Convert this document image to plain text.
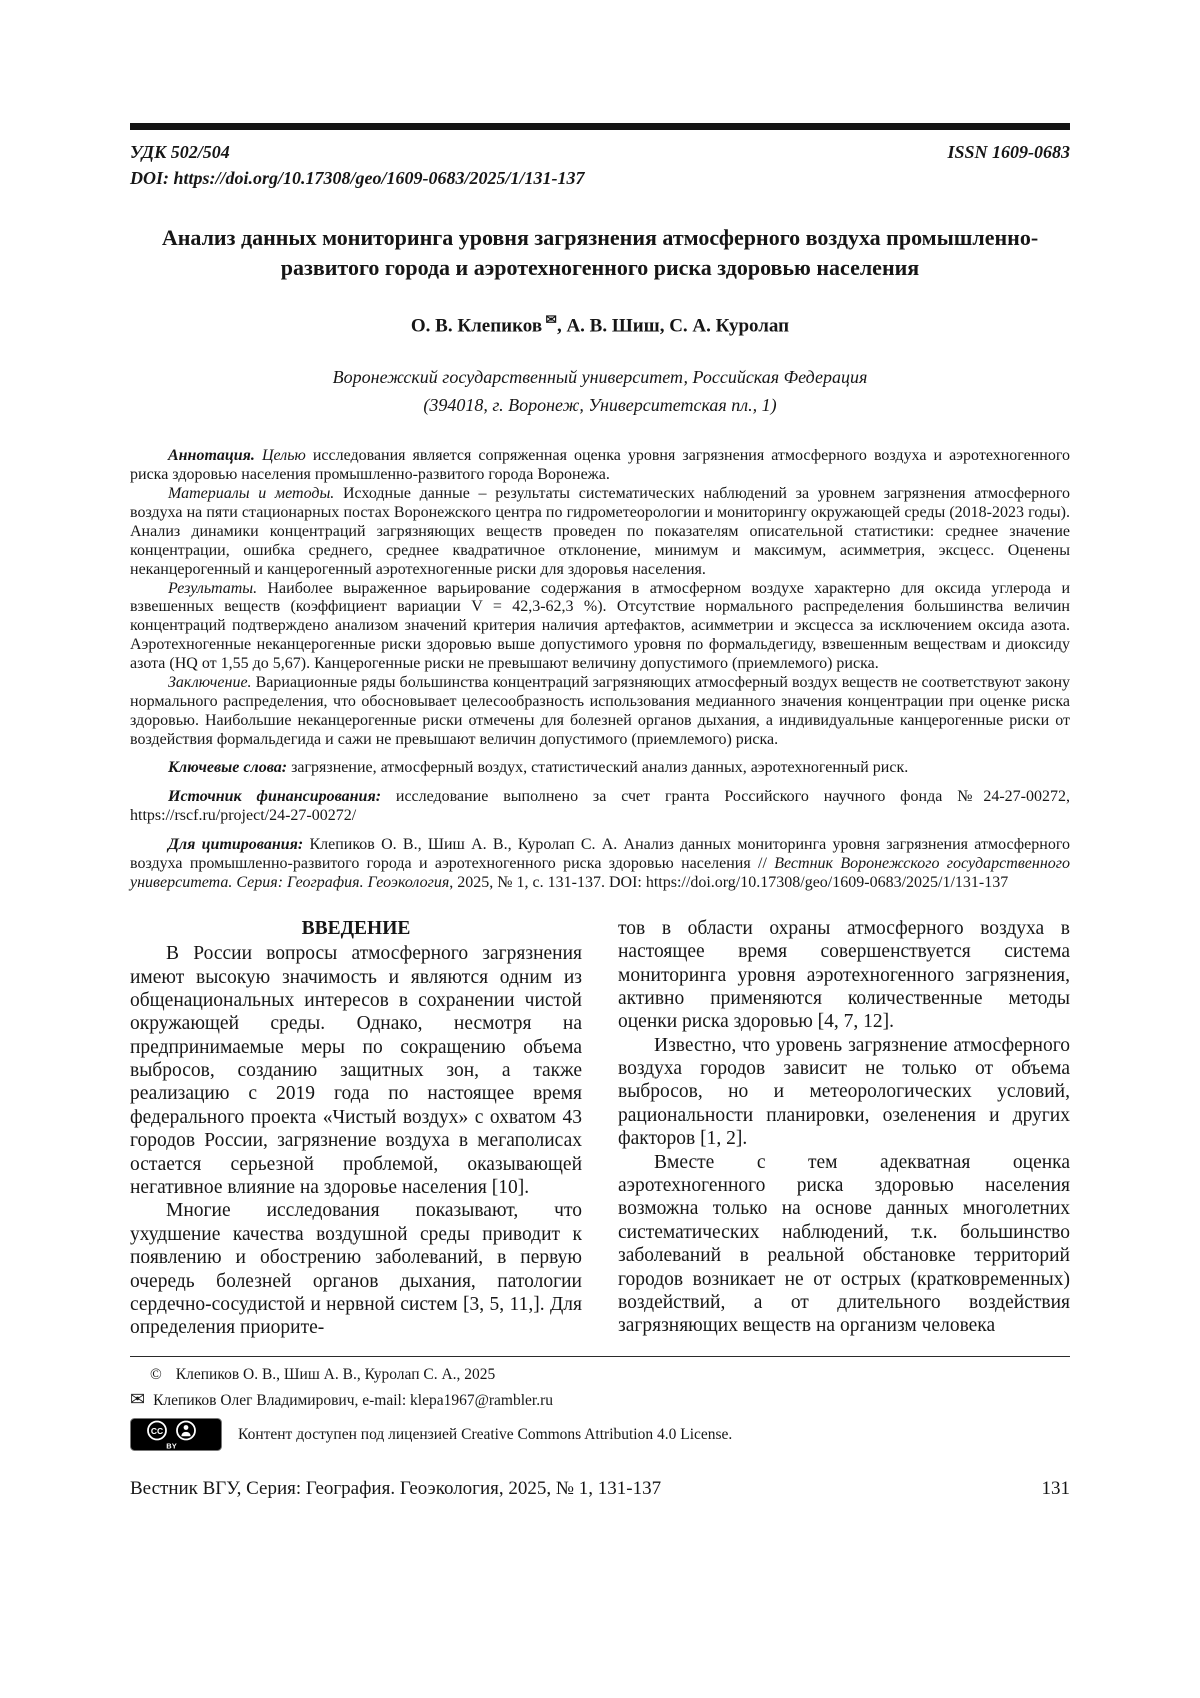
УДК 502/504	ISSN 1609-0683
DOI: https://doi.org/10.17308/geo/1609-0683/2025/1/131-137
Анализ данных мониторинга уровня загрязнения атмосферного воздуха промышленно-развитого города и аэротехногенного риска здоровью населения
О. В. Клепиков ✉, А. В. Шиш, С. А. Куролап
Воронежский государственный университет, Российская Федерация
(394018, г. Воронеж, Университетская пл., 1)

Аннотация. Целью исследования является сопряженная оценка уровня загрязнения атмосферного воздуха и аэротехногенного риска здоровью населения промышленно-развитого города Воронежа.

Материалы и методы. Исходные данные – результаты систематических наблюдений за уровнем загрязнения атмосферного воздуха на пяти стационарных постах Воронежского центра по гидрометеорологии и мониторингу окружающей среды (2018-2023 годы). Анализ динамики концентраций загрязняющих веществ проведен по показателям описательной статистики: среднее значение концентрации, ошибка среднего, среднее квадратичное отклонение, минимум и максимум, асимметрия, эксцесс. Оценены неканцерогенный и канцерогенный аэротехногенные риски для здоровья населения.

Результаты. Наиболее выраженное варьирование содержания в атмосферном воздухе характерно для оксида углерода и взвешенных веществ (коэффициент вариации V = 42,3-62,3 %). Отсутствие нормального распределения большинства величин концентраций подтверждено анализом значений критерия наличия артефактов, асимметрии и эксцесса за исключением оксида азота. Аэротехногенные неканцерогенные риски здоровью выше допустимого уровня по формальдегиду, взвешенным веществам и диоксиду азота (HQ от 1,55 до 5,67). Канцерогенные риски не превышают величину допустимого (приемлемого) риска.

Заключение. Вариационные ряды большинства концентраций загрязняющих атмосферный воздух веществ не соответствуют закону нормального распределения, что обосновывает целесообразность использования медианного значения концентрации при оценке риска здоровью. Наибольшие неканцерогенные риски отмечены для болезней органов дыхания, а индивидуальные канцерогенные риски от воздействия формальдегида и сажи не превышают величин допустимого (приемлемого) риска.

Ключевые слова: загрязнение, атмосферный воздух, статистический анализ данных, аэротехногенный риск.

Источник финансирования: исследование выполнено за счет гранта Российского научного фонда №24-27-00272, https://rscf.ru/project/24-27-00272/

Для цитирования: Клепиков О. В., Шиш А. В., Куролап С. А. Анализ данных мониторинга уровня загрязнения атмосферного воздуха промышленно-развитого города и аэротехногенного риска здоровью населения // Вестник Воронежского государственного университета. Серия: География. Геоэкология, 2025, № 1, с. 131-137. DOI: https://doi.org/10.17308/geo/1609-0683/2025/1/131-137

ВВЕДЕНИЕ

В России вопросы атмосферного загрязнения имеют высокую значимость и являются одним из общенациональных интересов в сохранении чистой окружающей среды. Однако, несмотря на предпринимаемые меры по сокращению объема выбросов, созданию защитных зон, а также реализацию с 2019 года по настоящее время федерального проекта «Чистый воздух» с охватом 43 городов России, загрязнение воздуха в мегаполисах остается серьезной проблемой, оказывающей негативное влияние на здоровье населения [10].

Многие исследования показывают, что ухудшение качества воздушной среды приводит к появлению и обострению заболеваний, в первую очередь болезней органов дыхания, патологии сердечно-сосудистой и нервной систем [3, 5, 11,]. Для определения приорите-

тов в области охраны атмосферного воздуха в настоящее время совершенствуется система мониторинга уровня аэротехногенного загрязнения, активно применяются количественные методы оценки риска здоровью [4, 7, 12].

Известно, что уровень загрязнение атмосферного воздуха городов зависит не только от объема выбросов, но и метеорологических условий, рациональности планировки, озеленения и других факторов [1, 2].

Вместе с тем адекватная оценка аэротехногенного риска здоровью населения возможна только на основе данных многолетних систематических наблюдений, т.к. большинство заболеваний в реальной обстановке территорий городов возникает не от острых (кратковременных) воздействий, а от длительного воздействия загрязняющих веществ на организм человека

© Клепиков О. В., Шиш А. В., Куролап С. А., 2025
✉ Клепиков Олег Владимирович, e-mail: klepa1967@rambler.ru
CC
BY
Контент доступен под лицензией Creative Commons Attribution 4.0 License.
Вестник ВГУ, Серия: География. Геоэкология, 2025, № 1, 131-137	131
